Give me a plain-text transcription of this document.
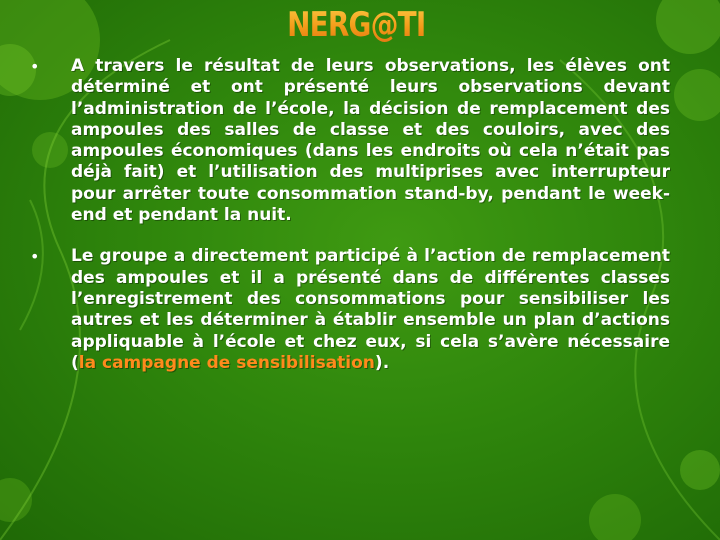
ENERG@TIC
• A travers le résultat de leurs observations, les élèves ont déterminé et ont présenté leurs observations devant l’administration de l’école, la décision de remplacement des ampoules des salles de classe et des couloirs, avec des ampoules économiques (dans les endroits où cela n’était pas déjà fait) et l’utilisation des multiprises avec interrupteur pour arrêter toute consommation stand-by, pendant le week-end et pendant la nuit.

• Le groupe a directement participé à l’action de remplacement des ampoules et il a présenté dans de différentes classes l’enregistrement des consommations pour sensibiliser les autres et les déterminer à établir ensemble un plan d’actions appliquable à l’école et chez eux, si cela s’avère nécessaire (la campagne de sensibilisation).
